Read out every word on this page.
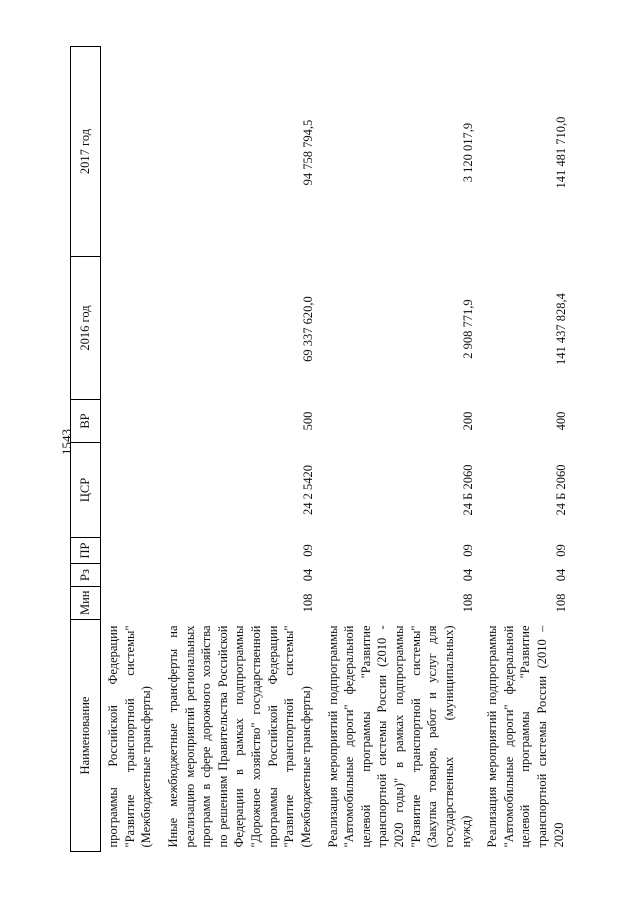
1543
Наименование	Мин	Рз	ПР	ЦСР	ВР	2016 год	2017 год
программы Российской Федерации "Развитие транспортной системы" (Межбюджетные трансферты)							
Иные межбюджетные трансферты на реализацию мероприятий региональных программ в сфере дорожного хозяйства по решениям Правительства Российской Федерации в рамках подпрограммы "Дорожное хозяйство" государственной программы Российской Федерации "Развитие транспортной системы" (Межбюджетные трансферты)	108	04	09	24 2 5420	500	69 337 620,0	94 758 794,5
Реализация мероприятий подпрограммы "Автомобильные дороги" федеральной целевой программы "Развитие транспортной системы России (2010 - 2020 годы)" в рамках подпрограммы "Развитие транспортной системы" (Закупка товаров, работ и услуг для государственных (муниципальных) нужд)	108	04	09	24 Б 2060	200	2 908 771,9	3 120 017,9
Реализация мероприятий подпрограммы "Автомобильные дороги" федеральной целевой программы "Развитие транспортной системы России (2010 – 2020	108	04	09	24 Б 2060	400	141 437 828,4	141 481 710,0
